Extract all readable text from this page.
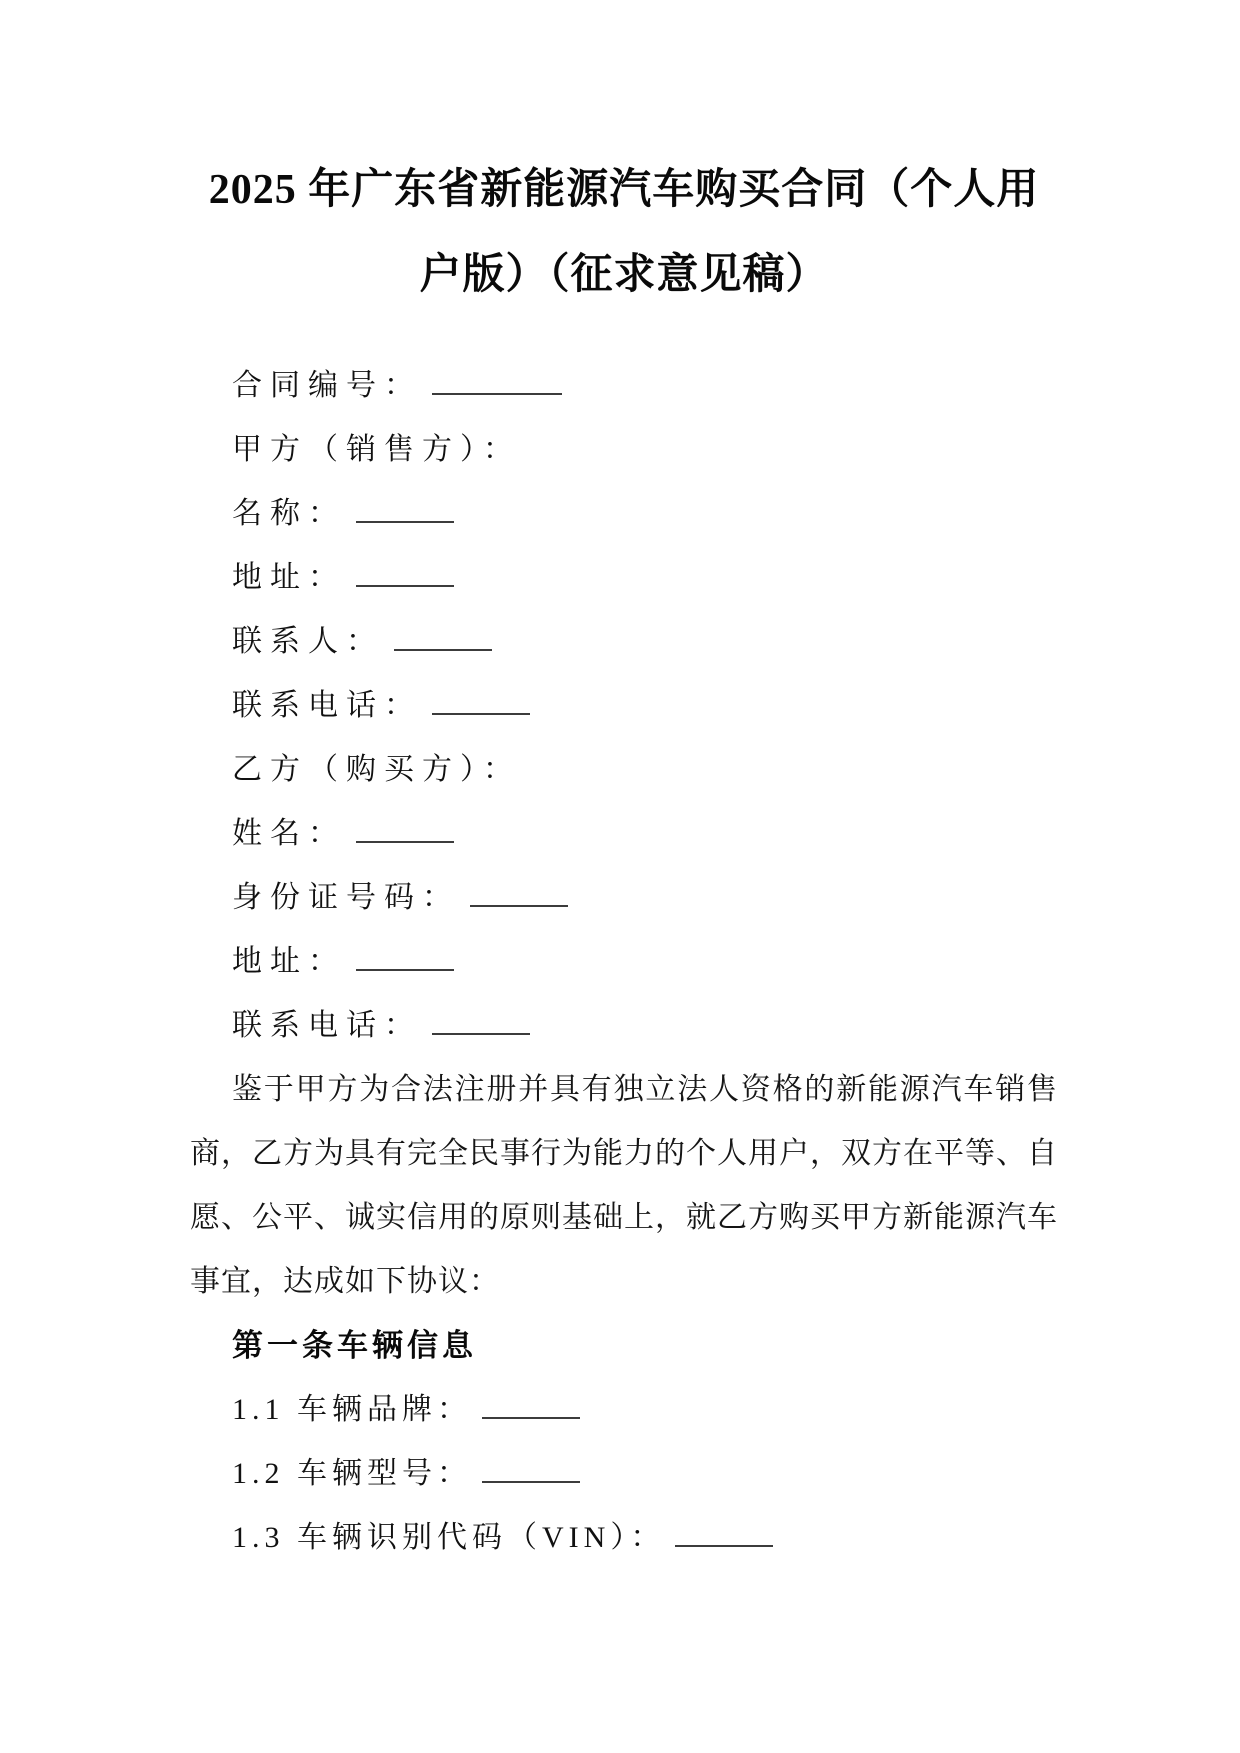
2025 年广东省新能源汽车购买合同（个人用户版）（征求意见稿）
合同编号：
甲方（销售方）：
名称：
地址：
联系人：
联系电话：
乙方（购买方）：
姓名：
身份证号码：
地址：
联系电话：

鉴于甲方为合法注册并具有独立法人资格的新能源汽车销售商，乙方为具有完全民事行为能力的个人用户，双方在平等、自愿、公平、诚实信用的原则基础上，就乙方购买甲方新能源汽车事宜，达成如下协议：

第一条车辆信息
1.1 车辆品牌：
1.2 车辆型号：
1.3 车辆识别代码（VIN）：
